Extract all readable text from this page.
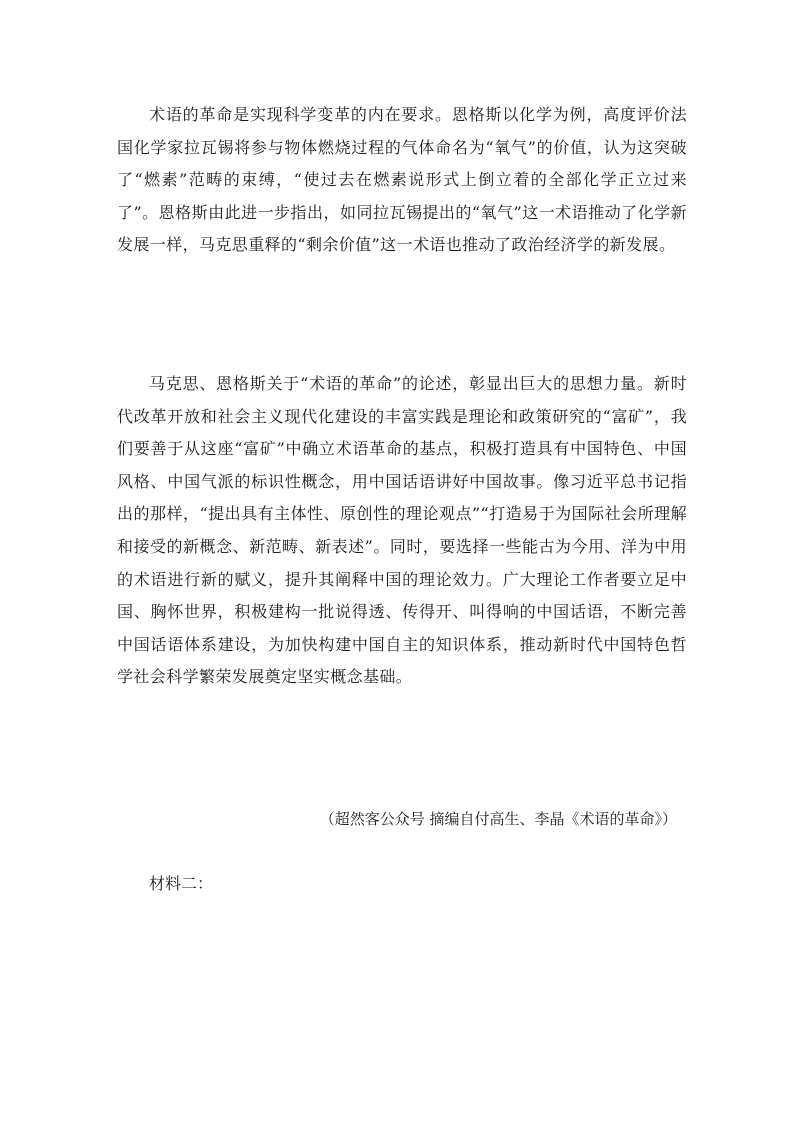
术语的革命是实现科学变革的内在要求。恩格斯以化学为例，高度评价法国化学家拉瓦锡将参与物体燃烧过程的气体命名为“氧气”的价值，认为这突破了“燃素”范畴的束缚，“使过去在燃素说形式上倒立着的全部化学正立过来了”。恩格斯由此进一步指出，如同拉瓦锡提出的“氧气”这一术语推动了化学新发展一样，马克思重释的“剩余价值”这一术语也推动了政治经济学的新发展。

马克思、恩格斯关于“术语的革命”的论述，彰显出巨大的思想力量。新时代改革开放和社会主义现代化建设的丰富实践是理论和政策研究的“富矿”，我们要善于从这座“富矿”中确立术语革命的基点，积极打造具有中国特色、中国风格、中国气派的标识性概念，用中国话语讲好中国故事。像习近平总书记指出的那样，“提出具有主体性、原创性的理论观点”“打造易于为国际社会所理解和接受的新概念、新范畴、新表述”。同时，要选择一些能古为今用、洋为中用的术语进行新的赋义，提升其阐释中国的理论效力。广大理论工作者要立足中国、胸怀世界，积极建构一批说得透、传得开、叫得响的中国话语，不断完善中国话语体系建设，为加快构建中国自主的知识体系，推动新时代中国特色哲学社会科学繁荣发展奠定坚实概念基础。

（超然客公众号 摘编自付高生、李晶《术语的革命》）
材料二：
